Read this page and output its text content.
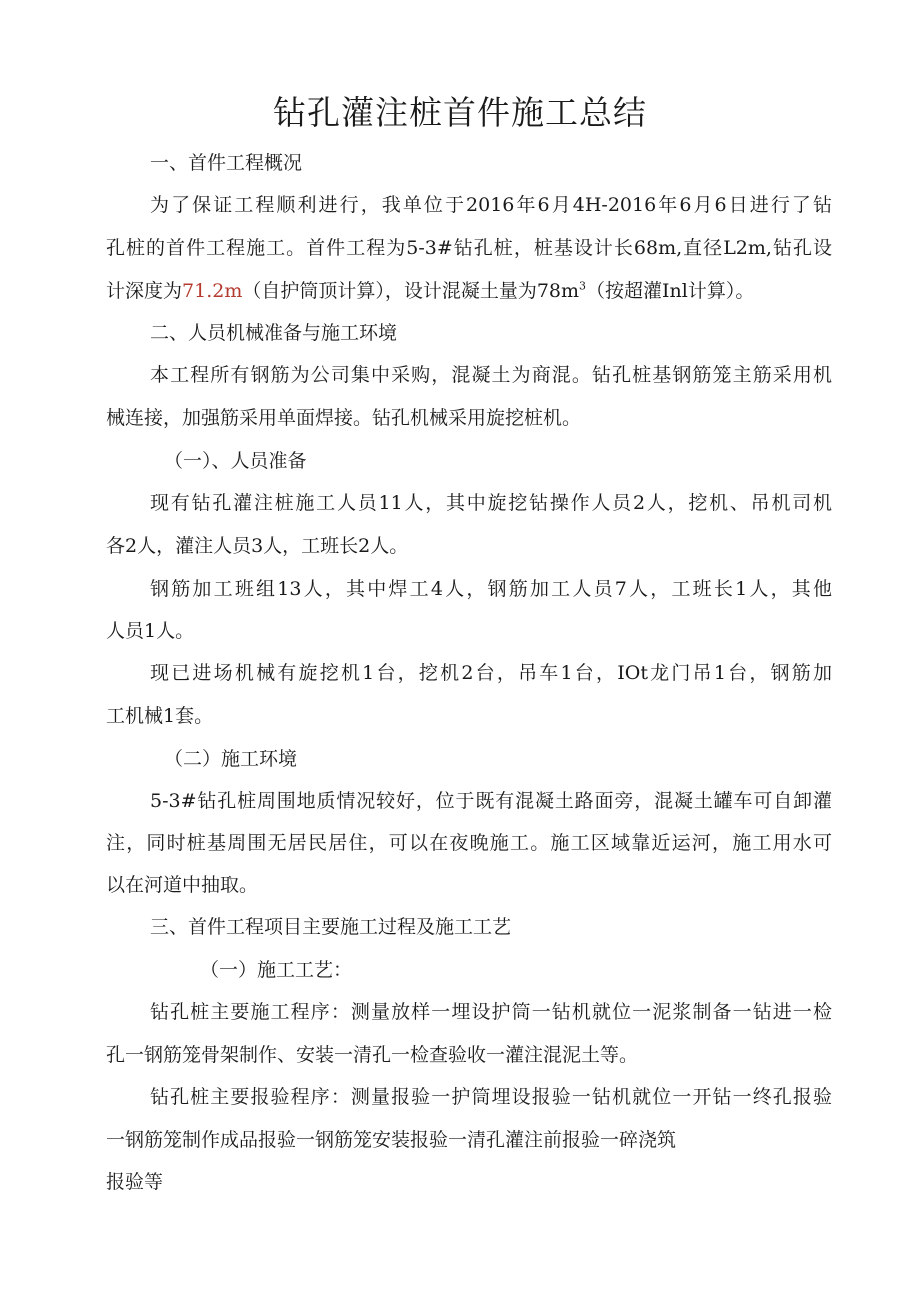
钻孔灌注桩首件施工总结
一、首件工程概况
为了保证工程顺利进行，我单位于2016年6月4H-2016年6月6日进行了钻
孔桩的首件工程施工。首件工程为5-3#钻孔桩，桩基设计长68m,直径L2m,钻孔设
计深度为71.2m（自护筒顶计算），设计混凝土量为$78m^3$（按超灌Inl计算）。
二、人员机械准备与施工环境
本工程所有钢筋为公司集中采购，混凝土为商混。钻孔桩基钢筋笼主筋采用机
械连接，加强筋采用单面焊接。钻孔机械采用旋挖桩机。
（一）、人员准备
现有钻孔灌注桩施工人员11人，其中旋挖钻操作人员2人，挖机、吊机司机
各2人，灌注人员3人，工班长2人。
钢筋加工班组13人，其中焊工4人，钢筋加工人员7人，工班长1人，其他
人员1人。
现已进场机械有旋挖机1台，挖机2台，吊车1台，IOt龙门吊1台，钢筋加
工机械1套。
（二）施工环境
5-3#钻孔桩周围地质情况较好，位于既有混凝土路面旁，混凝土罐车可自卸灌
注，同时桩基周围无居民居住，可以在夜晚施工。施工区域靠近运河，施工用水可
以在河道中抽取。
三、首件工程项目主要施工过程及施工工艺
（一）施工工艺：
钻孔桩主要施工程序：测量放样一埋设护筒一钻机就位一泥浆制备一钻进一检
孔一钢筋笼骨架制作、安装一清孔一检查验收一灌注混泥土等。
钻孔桩主要报验程序：测量报验一护筒埋设报验一钻机就位一开钻一终孔报验
一钢筋笼制作成品报验一钢筋笼安装报验一清孔灌注前报验一碎浇筑
报验等
